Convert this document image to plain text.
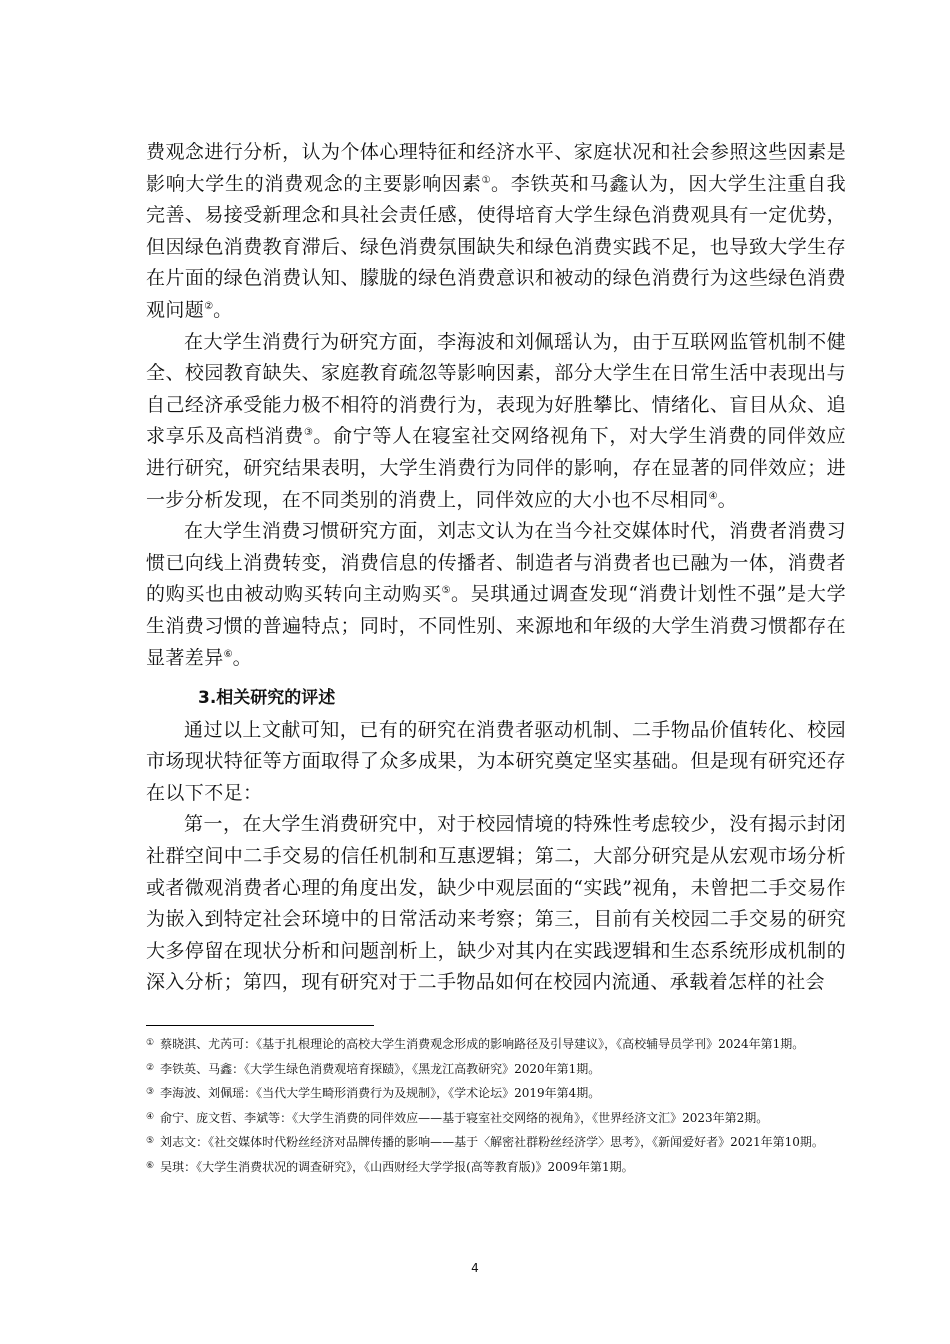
费观念进行分析，认为个体心理特征和经济水平、家庭状况和社会参照这些因素是影响大学生的消费观念的主要影响因素①。李铁英和马鑫认为，因大学生注重自我完善、易接受新理念和具社会责任感，使得培育大学生绿色消费观具有一定优势，但因绿色消费教育滞后、绿色消费氛围缺失和绿色消费实践不足，也导致大学生存在片面的绿色消费认知、朦胧的绿色消费意识和被动的绿色消费行为这些绿色消费观问题②。

在大学生消费行为研究方面，李海波和刘佩瑶认为，由于互联网监管机制不健全、校园教育缺失、家庭教育疏忽等影响因素，部分大学生在日常生活中表现出与自己经济承受能力极不相符的消费行为，表现为好胜攀比、情绪化、盲目从众、追求享乐及高档消费③。俞宁等人在寝室社交网络视角下，对大学生消费的同伴效应进行研究，研究结果表明，大学生消费行为同伴的影响，存在显著的同伴效应；进一步分析发现，在不同类别的消费上，同伴效应的大小也不尽相同④。

在大学生消费习惯研究方面，刘志文认为在当今社交媒体时代，消费者消费习惯已向线上消费转变，消费信息的传播者、制造者与消费者也已融为一体，消费者的购买也由被动购买转向主动购买⑤。吴琪通过调查发现“消费计划性不强”是大学生消费习惯的普遍特点；同时，不同性别、来源地和年级的大学生消费习惯都存在显著差异⑥。

3.相关研究的评述

通过以上文献可知，已有的研究在消费者驱动机制、二手物品价值转化、校园市场现状特征等方面取得了众多成果，为本研究奠定坚实基础。但是现有研究还存在以下不足：

第一，在大学生消费研究中，对于校园情境的特殊性考虑较少，没有揭示封闭社群空间中二手交易的信任机制和互惠逻辑；第二，大部分研究是从宏观市场分析或者微观消费者心理的角度出发，缺少中观层面的“实践”视角，未曾把二手交易作为嵌入到特定社会环境中的日常活动来考察；第三，目前有关校园二手交易的研究大多停留在现状分析和问题剖析上，缺少对其内在实践逻辑和生态系统形成机制的深入分析；第四，现有研究对于二手物品如何在校园内流通、承载着怎样的社会

① 蔡晓淇、尤芮可：《基于扎根理论的高校大学生消费观念形成的影响路径及引导建议》，《高校辅导员学刊》2024年第1期。

② 李铁英、马鑫：《大学生绿色消费观培育探赜》，《黑龙江高教研究》2020年第1期。

③ 李海波、刘佩瑶：《当代大学生畸形消费行为及规制》，《学术论坛》2019年第4期。

④ 俞宁、庞文哲、李斌等：《大学生消费的同伴效应——基于寝室社交网络的视角》，《世界经济文汇》2023年第2期。

⑤ 刘志文：《社交媒体时代粉丝经济对品牌传播的影响——基于〈解密社群粉丝经济学〉思考》，《新闻爱好者》2021年第10期。

⑥ 吴琪：《大学生消费状况的调查研究》，《山西财经大学学报(高等教育版)》2009年第1期。

4
